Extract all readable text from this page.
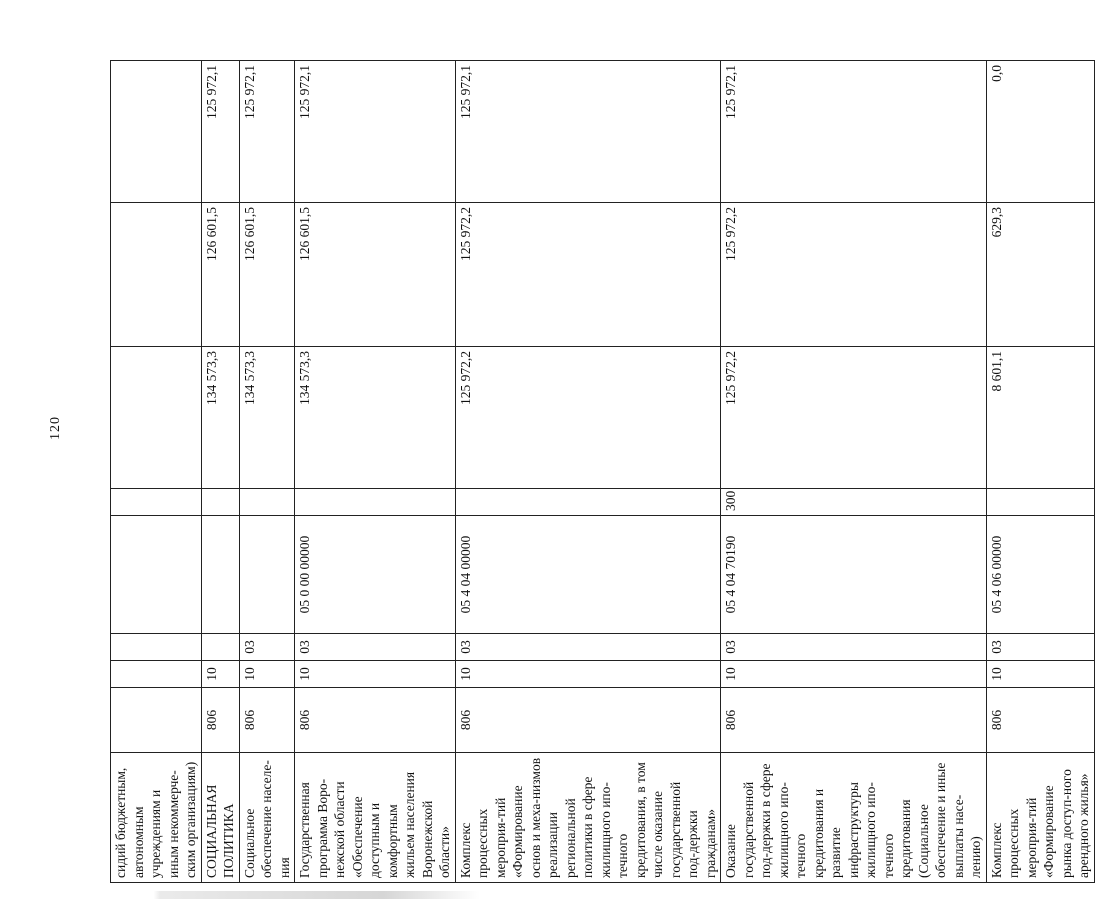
120
сидий бюджетным, автономным учреждениям и иным некоммерче-ским организациям)								
СОЦИАЛЬНАЯ ПОЛИТИКА	806	10				134 573,3	126 601,5	125 972,1
Социальное обеспечение населе-ния	806	10	03			134 573,3	126 601,5	125 972,1
Государственная программа Воро-нежской области «Обеспечение доступным и комфортным жильем населения Воронежской области»	806	10	03	05 0 00 00000		134 573,3	126 601,5	125 972,1
Комплекс процессных мероприя-тий «Формирование основ и меха-низмов реализации региональной политики в сфере жилищного ипо-течного кредитования, в том числе оказание государственной под-держки гражданам»	806	10	03	05 4 04 00000		125 972,2	125 972,2	125 972,1
Оказание государственной под-держки в сфере жилищного ипо-течного кредитования и развитие инфраструктуры жилищного ипо-течного кредитования (Социальное обеспечение и иные выплаты насе-лению)	806	10	03	05 4 04 70190	300	125 972,2	125 972,2	125 972,1
Комплекс процессных мероприя-тий «Формирование рынка доступ-ного арендного жилья»	806	10	03	05 4 06 00000		8 601,1	629,3	0,0
